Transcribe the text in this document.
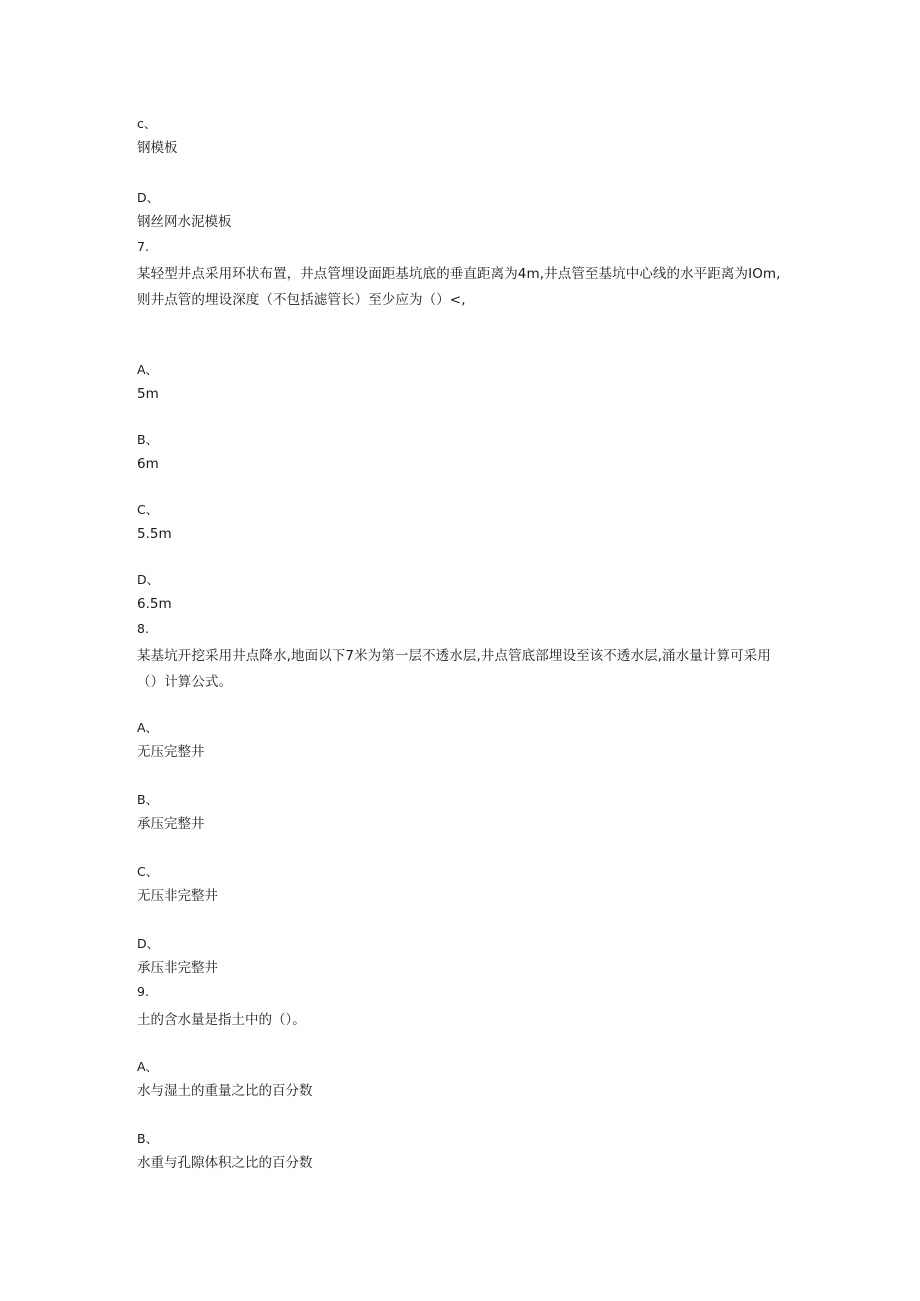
c、

钢模板

D、

钢丝网水泥模板

7.

某轻型井点采用环状布置，井点管埋设面距基坑底的垂直距离为4m,井点管至基坑中心线的水平距离为IOm,则井点管的埋设深度（不包括滤管长）至少应为（）<,

A、

5m

B、

6m

C、

5.5m

D、

6.5m

8.

某基坑开挖采用井点降水,地面以下7米为第一层不透水层,井点管底部埋设至该不透水层,涌水量计算可采用（）计算公式。

A、

无压完整井

B、

承压完整井

C、

无压非完整井

D、

承压非完整井

9.

土的含水量是指土中的（）。

A、

水与湿土的重量之比的百分数

B、

水重与孔隙体积之比的百分数
